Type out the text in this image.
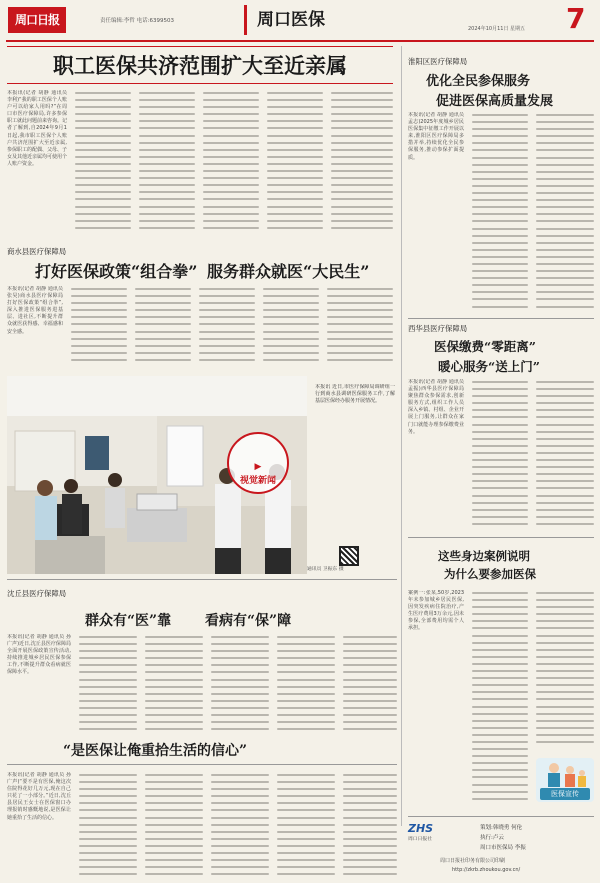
周口日报	责任编辑:李哲 电话:6399503	周口医保	2024年10月11日 星期五 7
职工医保共济范围扩大至近亲属
本报讯(记者 胡静 通讯员 李利)“我的职工医保个人账户可以给家人用吗?”在周口市医疗保障局,许多参保职工就此问题前来咨询。记者了解到,自2024年9月1日起,我市职工医保个人账户共济范围扩大至近亲属,参保职工的配偶、父母、子女及其他近亲属均可使用个人账户资金。
商水县医疗保障局
打好医保政策“组合拳” 服务群众就医“大民生”
本报讯(记者 胡静 通讯员 张昊)商水县医疗保障局打好医保政策“组合拳”,深入推进医保服务进基层、进社区,不断提升群众就医获得感、幸福感和安全感。
▶
视觉新闻
本报讯 近日,市医疗保障局调研组一行到商水县调研医保服务工作,了解基层医保经办服务开展情况。
通讯员 卫振东 摄
沈丘县医疗保障局
群众有“医”靠 看病有“保”障
本报讯(记者 胡静 通讯员 孙广声)近日,沈丘县医疗保障局全面开展医保政策宣传活动,持续推进城乡居民医保参保工作,不断提升群众看病就医保障水平。
“是医保让俺重拾生活的信心”
本报讯(记者 胡静 通讯员 孙广声)“要不是有医保,俺这次住院得花好几万元,现在自己只花了一小部分。”近日,沈丘县居民王女士在医保窗口办理报销时感慨地说,是医保让她重拾了生活的信心。
淮阳区医疗保障局
优化全民参保服务
促进医保高质量发展
本报讯(记者 胡静 通讯员 孟志)2025年度城乡居民医保集中征缴工作开展以来,淮阳区医疗保障局多措并举,持续优化全民参保服务,推动参保扩面提质。
西华县医疗保障局
医保缴费“零距离”
暖心服务“送上门”
本报讯(记者 胡静 通讯员 孟振)西华县医疗保障局聚焦群众参保需求,创新服务方式,组织工作人员深入乡镇、村组、企业开展上门服务,让群众在家门口就能办理参保缴费业务。
这些身边案例说明
为什么要参加医保
案例一:张某,50岁,2023年未参加城乡居民医保,因突发疾病住院治疗,产生医疗费用3万余元,因未参保,全部费用均需个人承担。
医保宣传
ZHS
周口日报社
策划:韩晓勇 何伦
执行:卢云
周口市医保局 李振
周口日报社印务有限公司印刷
http://zkrb.zhoukou.gov.cn/
